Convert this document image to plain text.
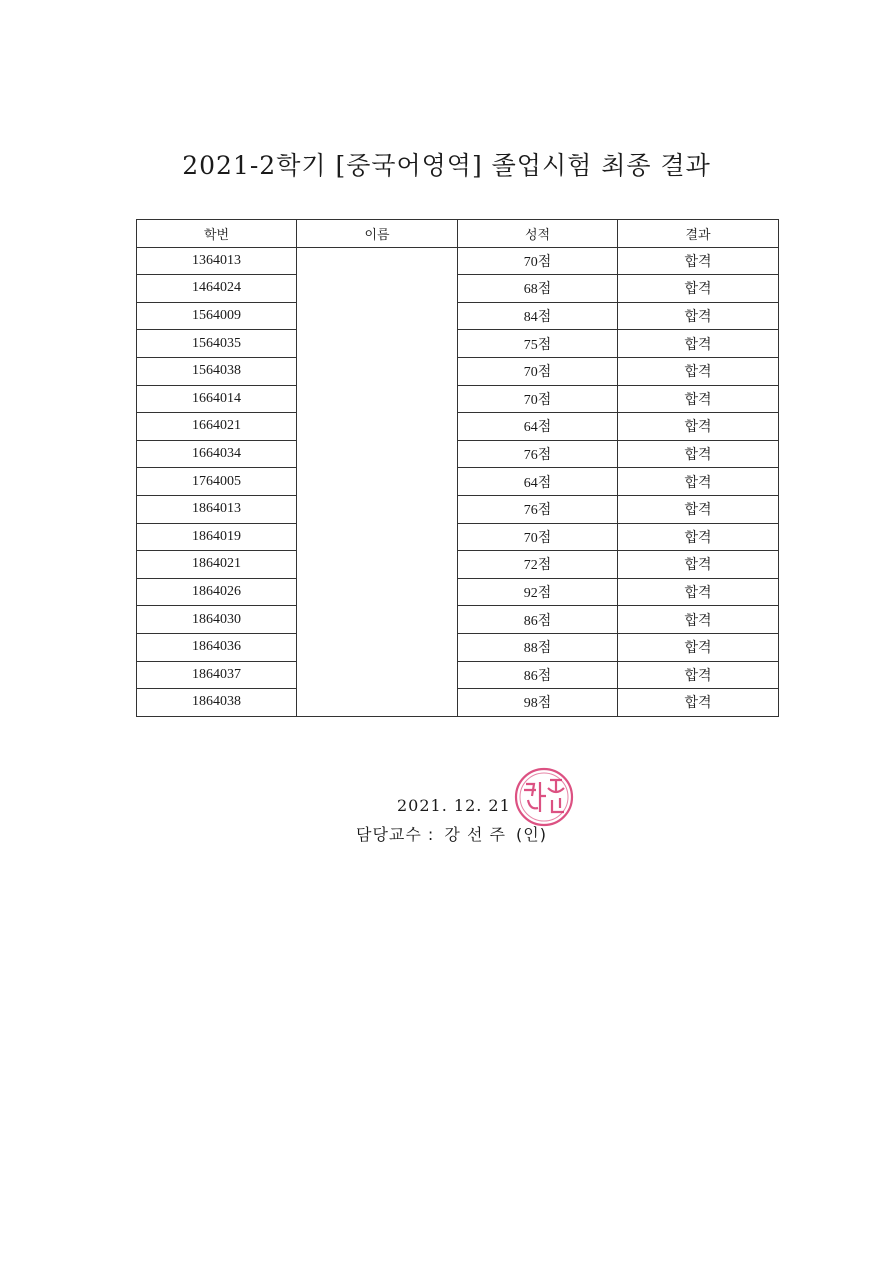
2021-2학기 [중국어영역] 졸업시험 최종 결과
학번	이름	성적	결과
1364013		70점	합격
1464024		68점	합격
1564009		84점	합격
1564035		75점	합격
1564038		70점	합격
1664014		70점	합격
1664021		64점	합격
1664034		76점	합격
1764005		64점	합격
1864013		76점	합격
1864019		70점	합격
1864021		72점	합격
1864026		92점	합격
1864030		86점	합격
1864036		88점	합격
1864037		86점	합격
1864038		98점	합격
2021. 12. 21
담당교수 : 강 선 주 (인)
